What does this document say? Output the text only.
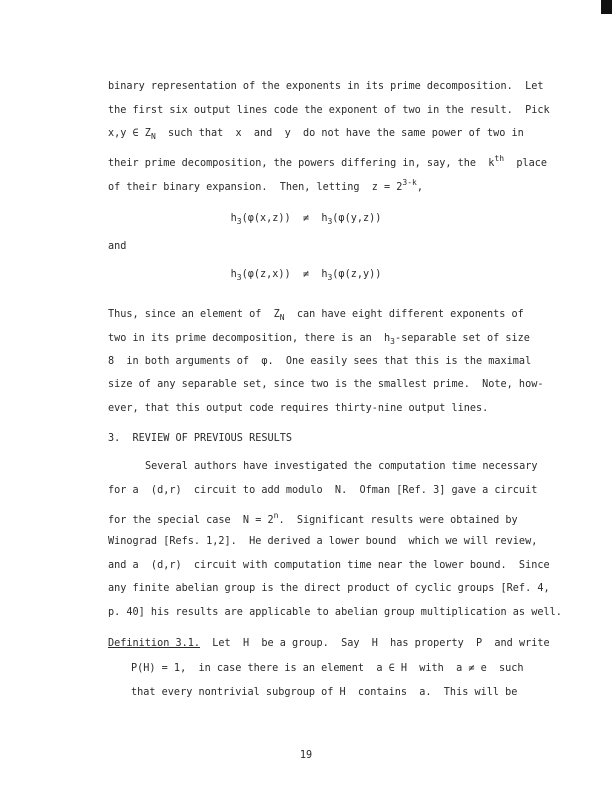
binary representation of the exponents in its prime decomposition.  Let
the first six output lines code the exponent of two in the result.  Pick
x,y ∈ $Z_N$  such that  x  and  y  do not have the same power of two in
their prime decomposition, the powers differing in, say, the  $k^{th}$  place
of their binary expansion.  Then, letting  $z = 2^{3-k}$,
$h_3(\varphi(x,z)) \ne h_3(\varphi(y,z))$
and
$h_3(\varphi(z,x)) \ne h_3(\varphi(z,y))$
Thus, since an element of  $Z_N$  can have eight different exponents of
two in its prime decomposition, there is an  $h_3$-separable set of size
8  in both arguments of  φ.  One easily sees that this is the maximal
size of any separable set, since two is the smallest prime.  Note, how-
ever, that this output code requires thirty-nine output lines.
3.  REVIEW OF PREVIOUS RESULTS
Several authors have investigated the computation time necessary
for a  (d,r)  circuit to add modulo  N.  Ofman [Ref. 3] gave a circuit
for the special case  $N = 2^n$.  Significant results were obtained by
Winograd [Refs. 1,2].  He derived a lower bound  which we will review,
and a  (d,r)  circuit with computation time near the lower bound.  Since
any finite abelian group is the direct product of cyclic groups [Ref. 4,
p. 40] his results are applicable to abelian group multiplication as well.
Definition 3.1.  Let  H  be a group.  Say  H  has property  P  and write
P(H) = 1,  in case there is an element  a ∈ H  with  a ≠ e  such
that every nontrivial subgroup of H  contains  a.  This will be
19
